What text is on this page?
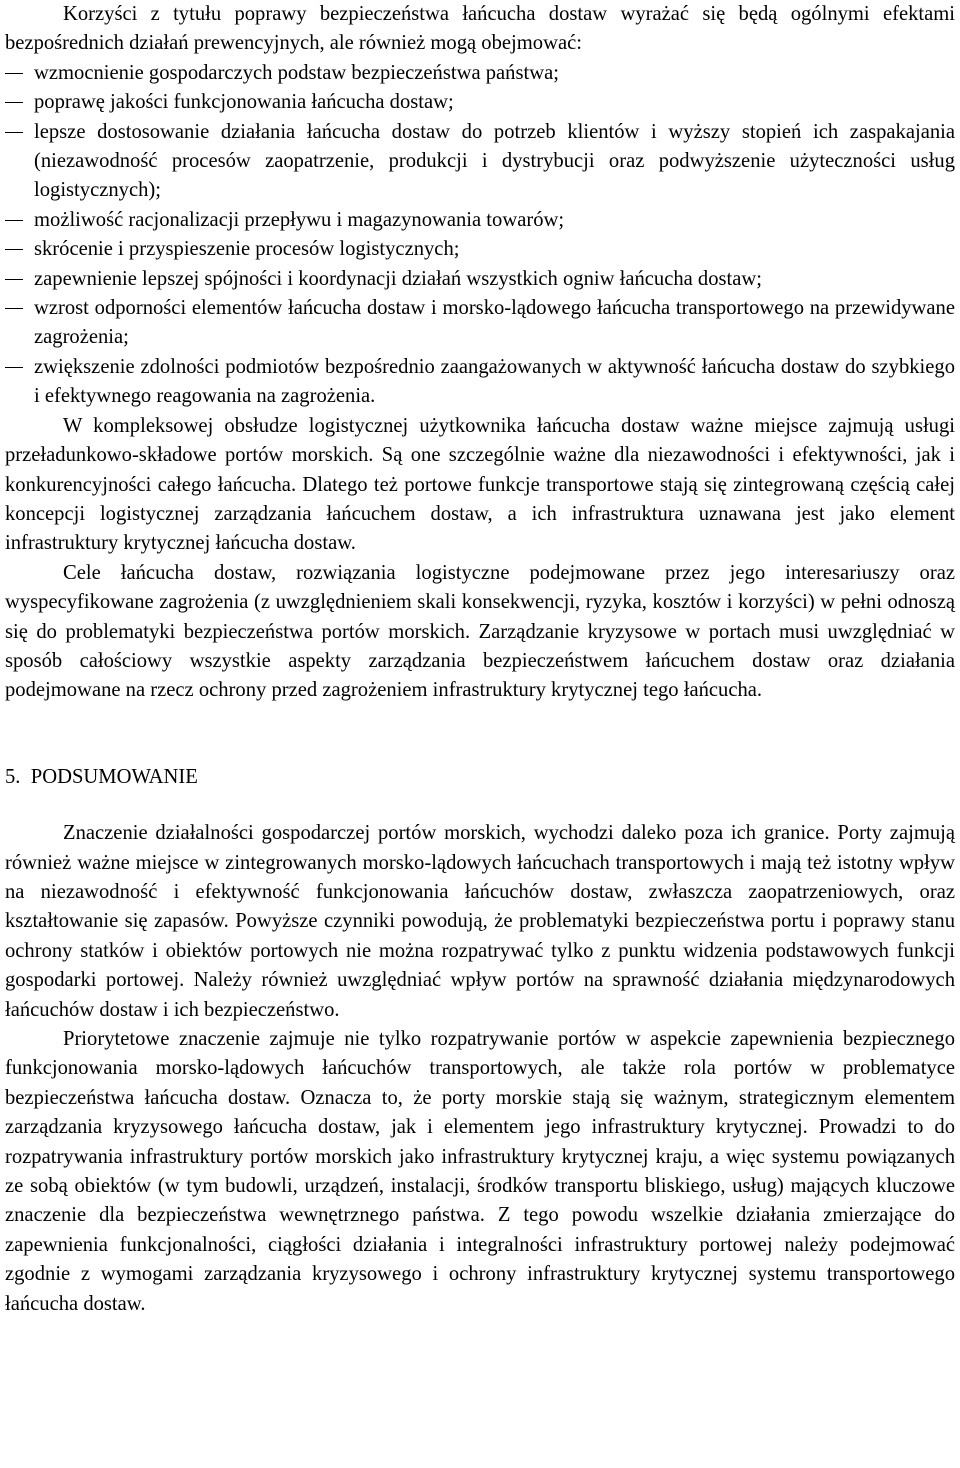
Korzyści z tytułu poprawy bezpieczeństwa łańcucha dostaw wyrażać się będą ogólnymi efektami bezpośrednich działań prewencyjnych, ale również mogą obejmować:

wzmocnienie gospodarczych podstaw bezpieczeństwa państwa;
poprawę jakości funkcjonowania łańcucha dostaw;
lepsze dostosowanie działania łańcucha dostaw do potrzeb klientów i wyższy stopień ich zaspakajania (niezawodność procesów zaopatrzenie, produkcji i dystrybucji oraz podwyższenie użyteczności usług logistycznych);
możliwość racjonalizacji przepływu i magazynowania towarów;
skrócenie i przyspieszenie procesów logistycznych;
zapewnienie lepszej spójności i koordynacji działań wszystkich ogniw łańcucha dostaw;
wzrost odporności elementów łańcucha dostaw i morsko-lądowego łańcucha transportowego na przewidywane zagrożenia;
zwiększenie zdolności podmiotów bezpośrednio zaangażowanych w aktywność łańcucha dostaw do szybkiego i efektywnego reagowania na zagrożenia.

W kompleksowej obsłudze logistycznej użytkownika łańcucha dostaw ważne miejsce zajmują usługi przeładunkowo-składowe portów morskich. Są one szczególnie ważne dla niezawodności i efektywności, jak i konkurencyjności całego łańcucha. Dlatego też portowe funkcje transportowe stają się zintegrowaną częścią całej koncepcji logistycznej zarządzania łańcuchem dostaw, a ich infrastruktura uznawana jest jako element infrastruktury krytycznej łańcucha dostaw.

Cele łańcucha dostaw, rozwiązania logistyczne podejmowane przez jego interesariuszy oraz wyspecyfikowane zagrożenia (z uwzględnieniem skali konsekwencji, ryzyka, kosztów i korzyści) w pełni odnoszą się do problematyki bezpieczeństwa portów morskich. Zarządzanie kryzysowe w portach musi uwzględniać w sposób całościowy wszystkie aspekty zarządzania bezpieczeństwem łańcuchem dostaw oraz działania podejmowane na rzecz ochrony przed zagrożeniem infrastruktury krytycznej tego łańcucha.

5. PODSUMOWANIE

Znaczenie działalności gospodarczej portów morskich, wychodzi daleko poza ich granice. Porty zajmują również ważne miejsce w zintegrowanych morsko-lądowych łańcuchach transportowych i mają też istotny wpływ na niezawodność i efektywność funkcjonowania łańcuchów dostaw, zwłaszcza zaopatrzeniowych, oraz kształtowanie się zapasów. Powyższe czynniki powodują, że problematyki bezpieczeństwa portu i poprawy stanu ochrony statków i obiektów portowych nie można rozpatrywać tylko z punktu widzenia podstawowych funkcji gospodarki portowej. Należy również uwzględniać wpływ portów na sprawność działania międzynarodowych łańcuchów dostaw i ich bezpieczeństwo.

Priorytetowe znaczenie zajmuje nie tylko rozpatrywanie portów w aspekcie zapewnienia bezpiecznego funkcjonowania morsko-lądowych łańcuchów transportowych, ale także rola portów w problematyce bezpieczeństwa łańcucha dostaw. Oznacza to, że porty morskie stają się ważnym, strategicznym elementem zarządzania kryzysowego łańcucha dostaw, jak i elementem jego infrastruktury krytycznej. Prowadzi to do rozpatrywania infrastruktury portów morskich jako infrastruktury krytycznej kraju, a więc systemu powiązanych ze sobą obiektów (w tym budowli, urządzeń, instalacji, środków transportu bliskiego, usług) mających kluczowe znaczenie dla bezpieczeństwa wewnętrznego państwa. Z tego powodu wszelkie działania zmierzające do zapewnienia funkcjonalności, ciągłości działania i integralności infrastruktury portowej należy podejmować zgodnie z wymogami zarządzania kryzysowego i ochrony infrastruktury krytycznej systemu transportowego łańcucha dostaw.
